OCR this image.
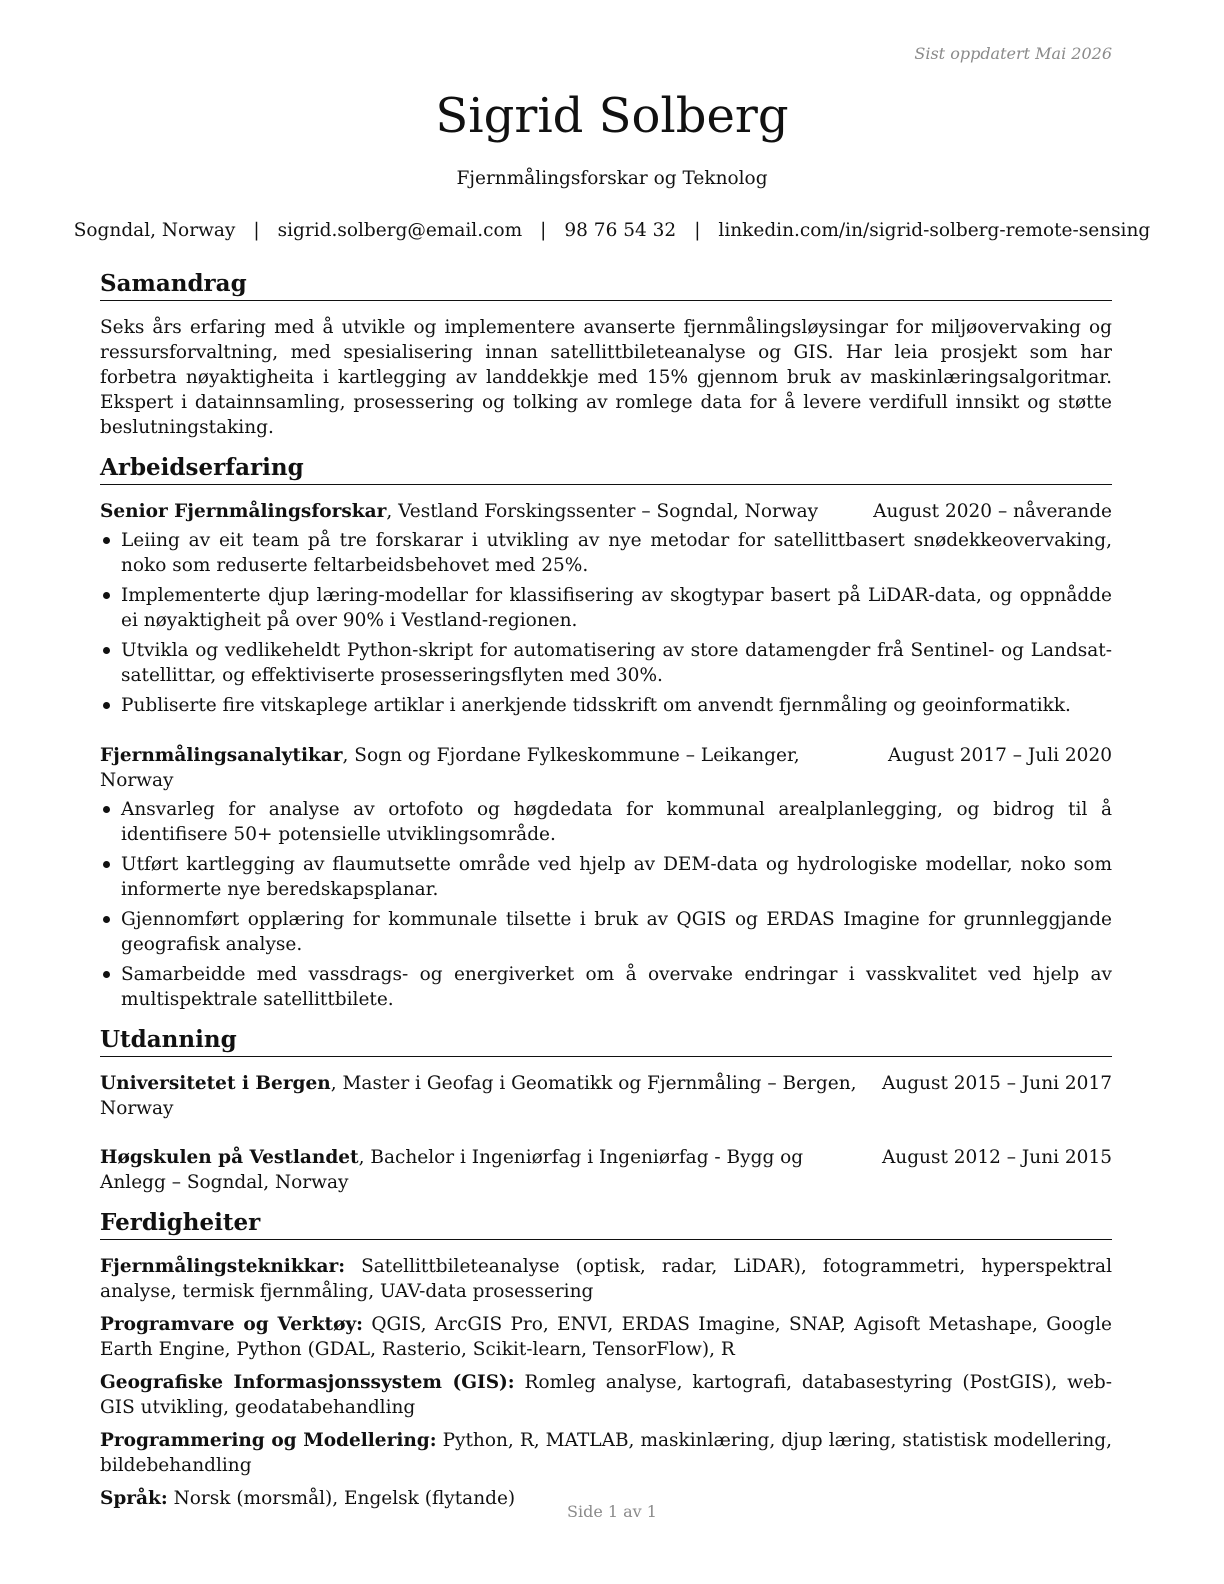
Sist oppdatert Mai 2026
Sigrid Solberg
Fjernmålingsforskar og Teknolog
Sogndal, Norway | sigrid.solberg@email.com | 98 76 54 32 | linkedin.com/in/sigrid-solberg-remote-sensing
Samandrag

Seks års erfaring med å utvikle og implementere avanserte fjernmålingsløysingar for miljøovervaking og ressursforvaltning, med spesialisering innan satellittbileteanalyse og GIS. Har leia prosjekt som har forbetra nøyaktigheita i kartlegging av landdekkje med 15% gjennom bruk av maskinlæringsalgoritmar. Ekspert i datainnsamling, prosessering og tolking av romlege data for å levere verdifull innsikt og støtte beslutningstaking.

Arbeidserfaring
Senior Fjernmålingsforskar, Vestland Forskingssenter – Sogndal, Norway	August 2020 – nåverande
Leiing av eit team på tre forskarar i utvikling av nye metodar for satellittbasert snødekkeovervaking, noko som reduserte feltarbeidsbehovet med 25%.
Implementerte djup læring-modellar for klassifisering av skogtypar basert på LiDAR-data, og oppnådde ei nøyaktigheit på over 90% i Vestland-regionen.
Utvikla og vedlikeheldt Python-skript for automatisering av store datamengder frå Sentinel- og Landsat-satellittar, og effektiviserte prosesseringsflyten med 30%.
Publiserte fire vitskaplege artiklar i anerkjende tidsskrift om anvendt fjernmåling og geoinformatikk.
Fjernmålingsanalytikar, Sogn og Fjordane Fylkeskommune – Leikanger, Norway
August 2017 – Juli 2020
Ansvarleg for analyse av ortofoto og høgdedata for kommunal arealplanlegging, og bidrog til å identifisere 50+ potensielle utviklingsområde.
Utført kartlegging av flaumutsette område ved hjelp av DEM-data og hydrologiske modellar, noko som informerte nye beredskapsplanar.
Gjennomført opplæring for kommunale tilsette i bruk av QGIS og ERDAS Imagine for grunnleggjande geografisk analyse.
Samarbeidde med vassdrags- og energiverket om å overvake endringar i vasskvalitet ved hjelp av multispektrale satellittbilete.
Utdanning
Universitetet i Bergen, Master i Geofag i Geomatikk og Fjernmåling – Bergen, Norway
August 2015 – Juni 2017
Høgskulen på Vestlandet, Bachelor i Ingeniørfag i Ingeniørfag - Bygg og Anlegg – Sogndal, Norway
August 2012 – Juni 2015
Ferdigheiter
Fjernmålingsteknikkar: Satellittbileteanalyse (optisk, radar, LiDAR), fotogrammetri, hyperspektral analyse, termisk fjernmåling, UAV-data prosessering
Programvare og Verktøy: QGIS, ArcGIS Pro, ENVI, ERDAS Imagine, SNAP, Agisoft Metashape, Google Earth Engine, Python (GDAL, Rasterio, Scikit-learn, TensorFlow), R
Geografiske Informasjonssystem (GIS): Romleg analyse, kartografi, databasestyring (PostGIS), web-GIS utvikling, geodatabehandling
Programmering og Modellering: Python, R, MATLAB, maskinlæring, djup læring, statistisk modellering, bildebehandling
Språk: Norsk (morsmål), Engelsk (flytande)
Side 1 av 1
